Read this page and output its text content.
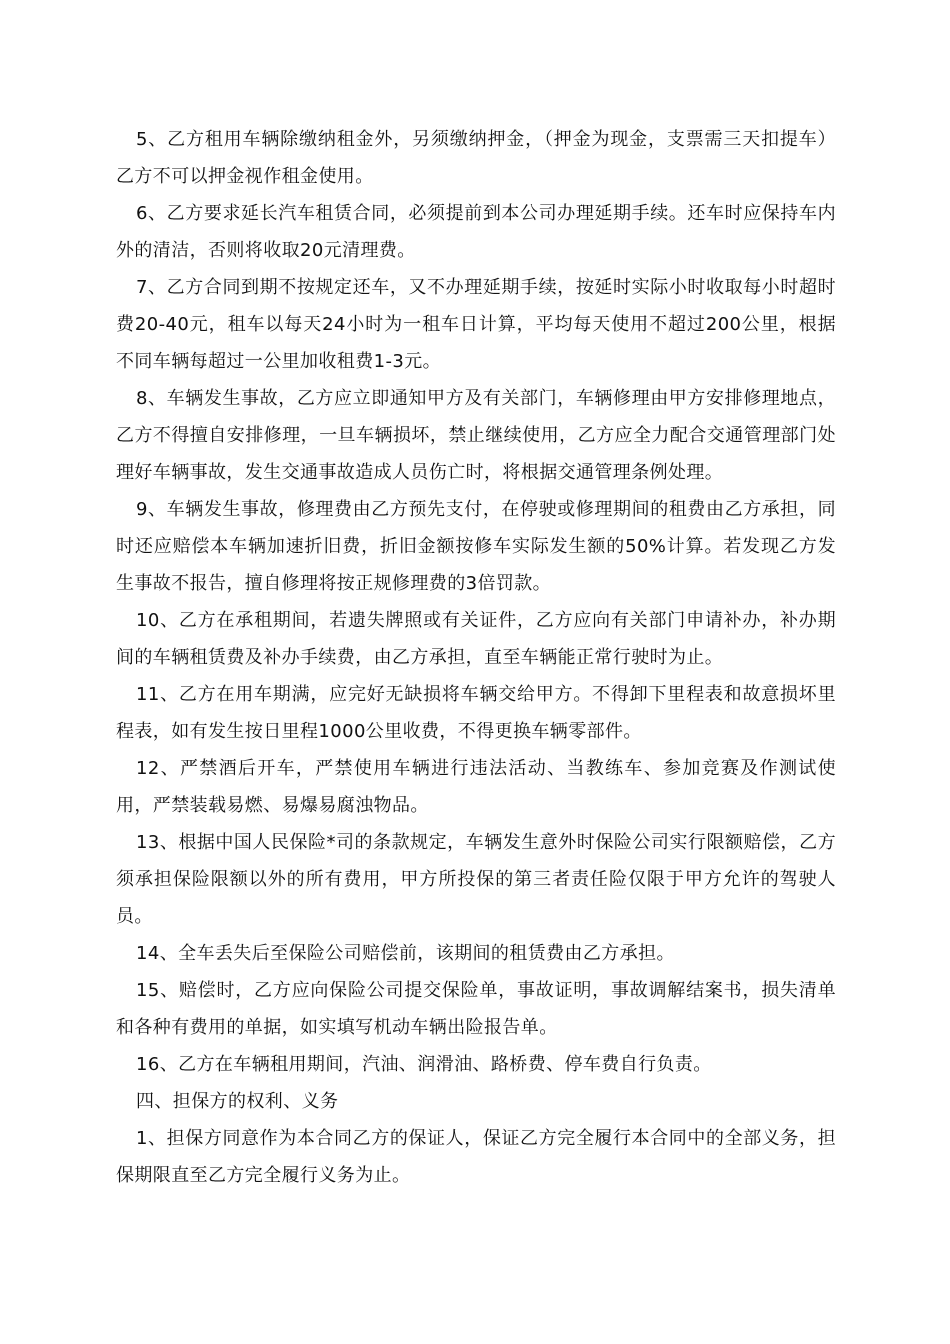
5、乙方租用车辆除缴纳租金外，另须缴纳押金，（押金为现金，支票需三天扣提车）乙方不可以押金视作租金使用。

6、乙方要求延长汽车租赁合同，必须提前到本公司办理延期手续。还车时应保持车内外的清洁，否则将收取20元清理费。

7、乙方合同到期不按规定还车，又不办理延期手续，按延时实际小时收取每小时超时费20-40元，租车以每天24小时为一租车日计算，平均每天使用不超过200公里，根据不同车辆每超过一公里加收租费1-3元。

8、车辆发生事故，乙方应立即通知甲方及有关部门，车辆修理由甲方安排修理地点，乙方不得擅自安排修理，一旦车辆损坏，禁止继续使用，乙方应全力配合交通管理部门处理好车辆事故，发生交通事故造成人员伤亡时，将根据交通管理条例处理。

9、车辆发生事故，修理费由乙方预先支付，在停驶或修理期间的租费由乙方承担，同时还应赔偿本车辆加速折旧费，折旧金额按修车实际发生额的50%计算。若发现乙方发生事故不报告，擅自修理将按正规修理费的3倍罚款。

10、乙方在承租期间，若遗失牌照或有关证件，乙方应向有关部门申请补办，补办期间的车辆租赁费及补办手续费，由乙方承担，直至车辆能正常行驶时为止。

11、乙方在用车期满，应完好无缺损将车辆交给甲方。不得卸下里程表和故意损坏里程表，如有发生按日里程1000公里收费，不得更换车辆零部件。

12、严禁酒后开车，严禁使用车辆进行违法活动、当教练车、参加竞赛及作测试使用，严禁装载易燃、易爆易腐浊物品。

13、根据中国人民保险*司的条款规定，车辆发生意外时保险公司实行限额赔偿，乙方须承担保险限额以外的所有费用，甲方所投保的第三者责任险仅限于甲方允许的驾驶人员。

14、全车丢失后至保险公司赔偿前，该期间的租赁费由乙方承担。

15、赔偿时，乙方应向保险公司提交保险单，事故证明，事故调解结案书，损失清单和各种有费用的单据，如实填写机动车辆出险报告单。

16、乙方在车辆租用期间，汽油、润滑油、路桥费、停车费自行负责。

四、担保方的权利、义务

1、担保方同意作为本合同乙方的保证人，保证乙方完全履行本合同中的全部义务，担保期限直至乙方完全履行义务为止。
